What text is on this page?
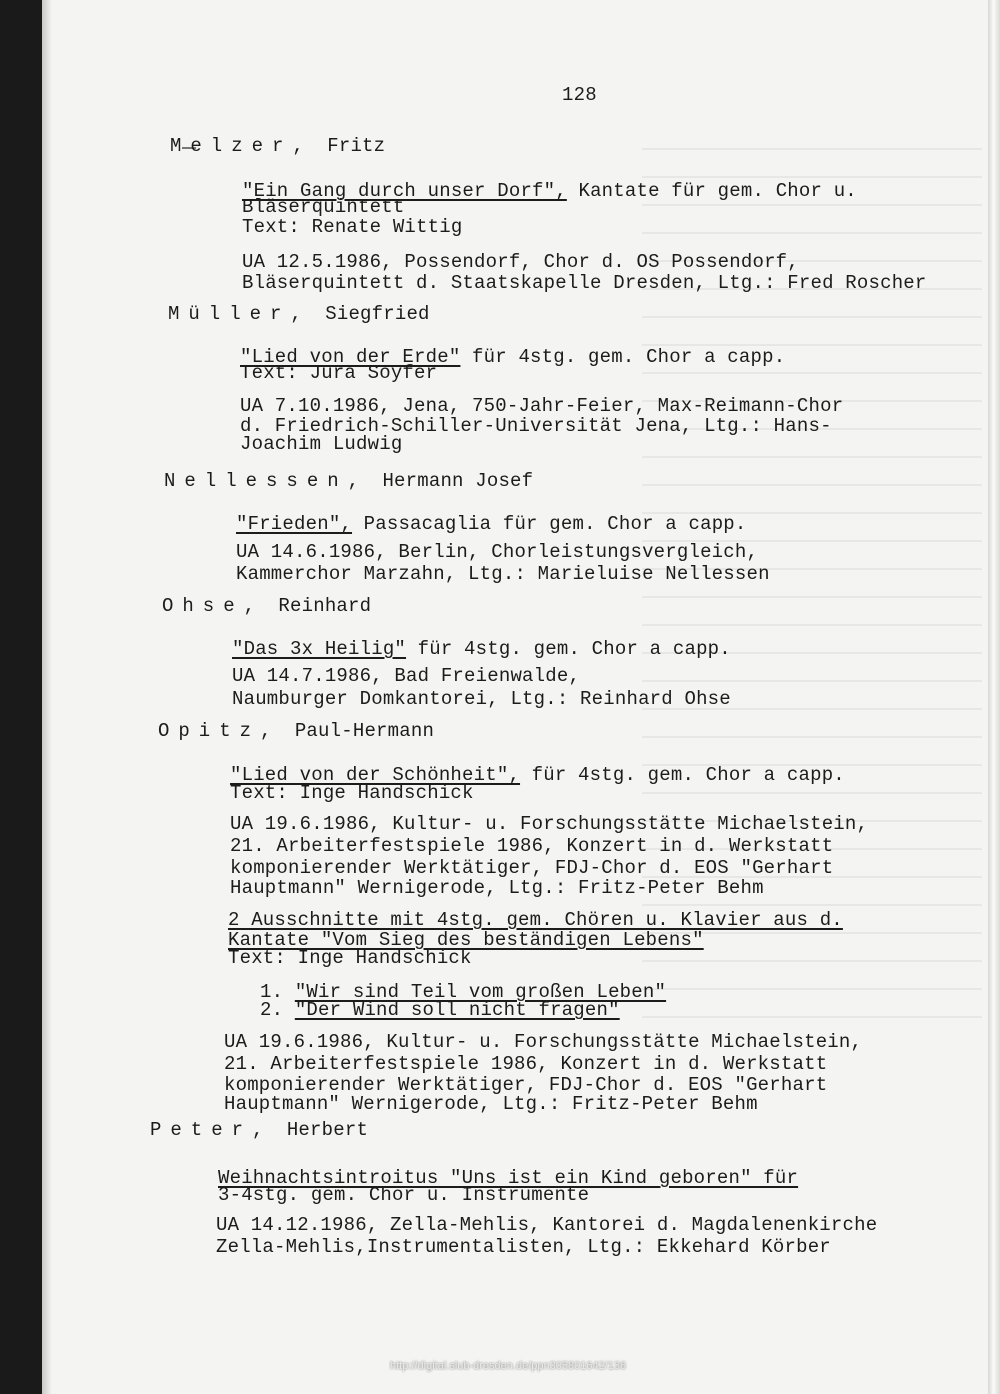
128
Melzer,  Fritz
"Ein Gang durch unser Dorf", Kantate für gem. Chor u.
Bläserquintett
Text: Renate Wittig
UA 12.5.1986, Possendorf, Chor d. OS Possendorf,
Bläserquintett d. Staatskapelle Dresden, Ltg.: Fred Roscher
Müller,  Siegfried
"Lied von der Erde" für 4stg. gem. Chor a capp.
Text: Jura Soyfer
UA 7.10.1986, Jena, 750-Jahr-Feier, Max-Reimann-Chor
d. Friedrich-Schiller-Universität Jena, Ltg.: Hans-
Joachim Ludwig
Nellessen,  Hermann Josef
"Frieden", Passacaglia für gem. Chor a capp.
UA 14.6.1986, Berlin, Chorleistungsvergleich,
Kammerchor Marzahn, Ltg.: Marieluise Nellessen
Ohse,  Reinhard
"Das 3x Heilig" für 4stg. gem. Chor a capp.
UA 14.7.1986, Bad Freienwalde,
Naumburger Domkantorei, Ltg.: Reinhard Ohse
Opitz,  Paul-Hermann
"Lied von der Schönheit", für 4stg. gem. Chor a capp.
Text: Inge Handschick
UA 19.6.1986, Kultur- u. Forschungsstätte Michaelstein,
21. Arbeiterfestspiele 1986, Konzert in d. Werkstatt
komponierender Werktätiger, FDJ-Chor d. EOS "Gerhart
Hauptmann" Wernigerode, Ltg.: Fritz-Peter Behm
2 Ausschnitte mit 4stg. gem. Chören u. Klavier aus d.
Kantate "Vom Sieg des beständigen Lebens"
Text: Inge Handschick
1. "Wir sind Teil vom großen Leben"
2. "Der Wind soll nicht fragen"
UA 19.6.1986, Kultur- u. Forschungsstätte Michaelstein,
21. Arbeiterfestspiele 1986, Konzert in d. Werkstatt
komponierender Werktätiger, FDJ-Chor d. EOS "Gerhart
Hauptmann" Wernigerode, Ltg.: Fritz-Peter Behm
Peter,  Herbert
Weihnachtsintroitus "Uns ist ein Kind geboren" für
3-4stg. gem. Chor u. Instrumente
UA 14.12.1986, Zella-Mehlis, Kantorei d. Magdalenenkirche
Zella-Mehlis,Instrumentalisten, Ltg.: Ekkehard Körber
http://digital.slub-dresden.de/ppn305801642/136
